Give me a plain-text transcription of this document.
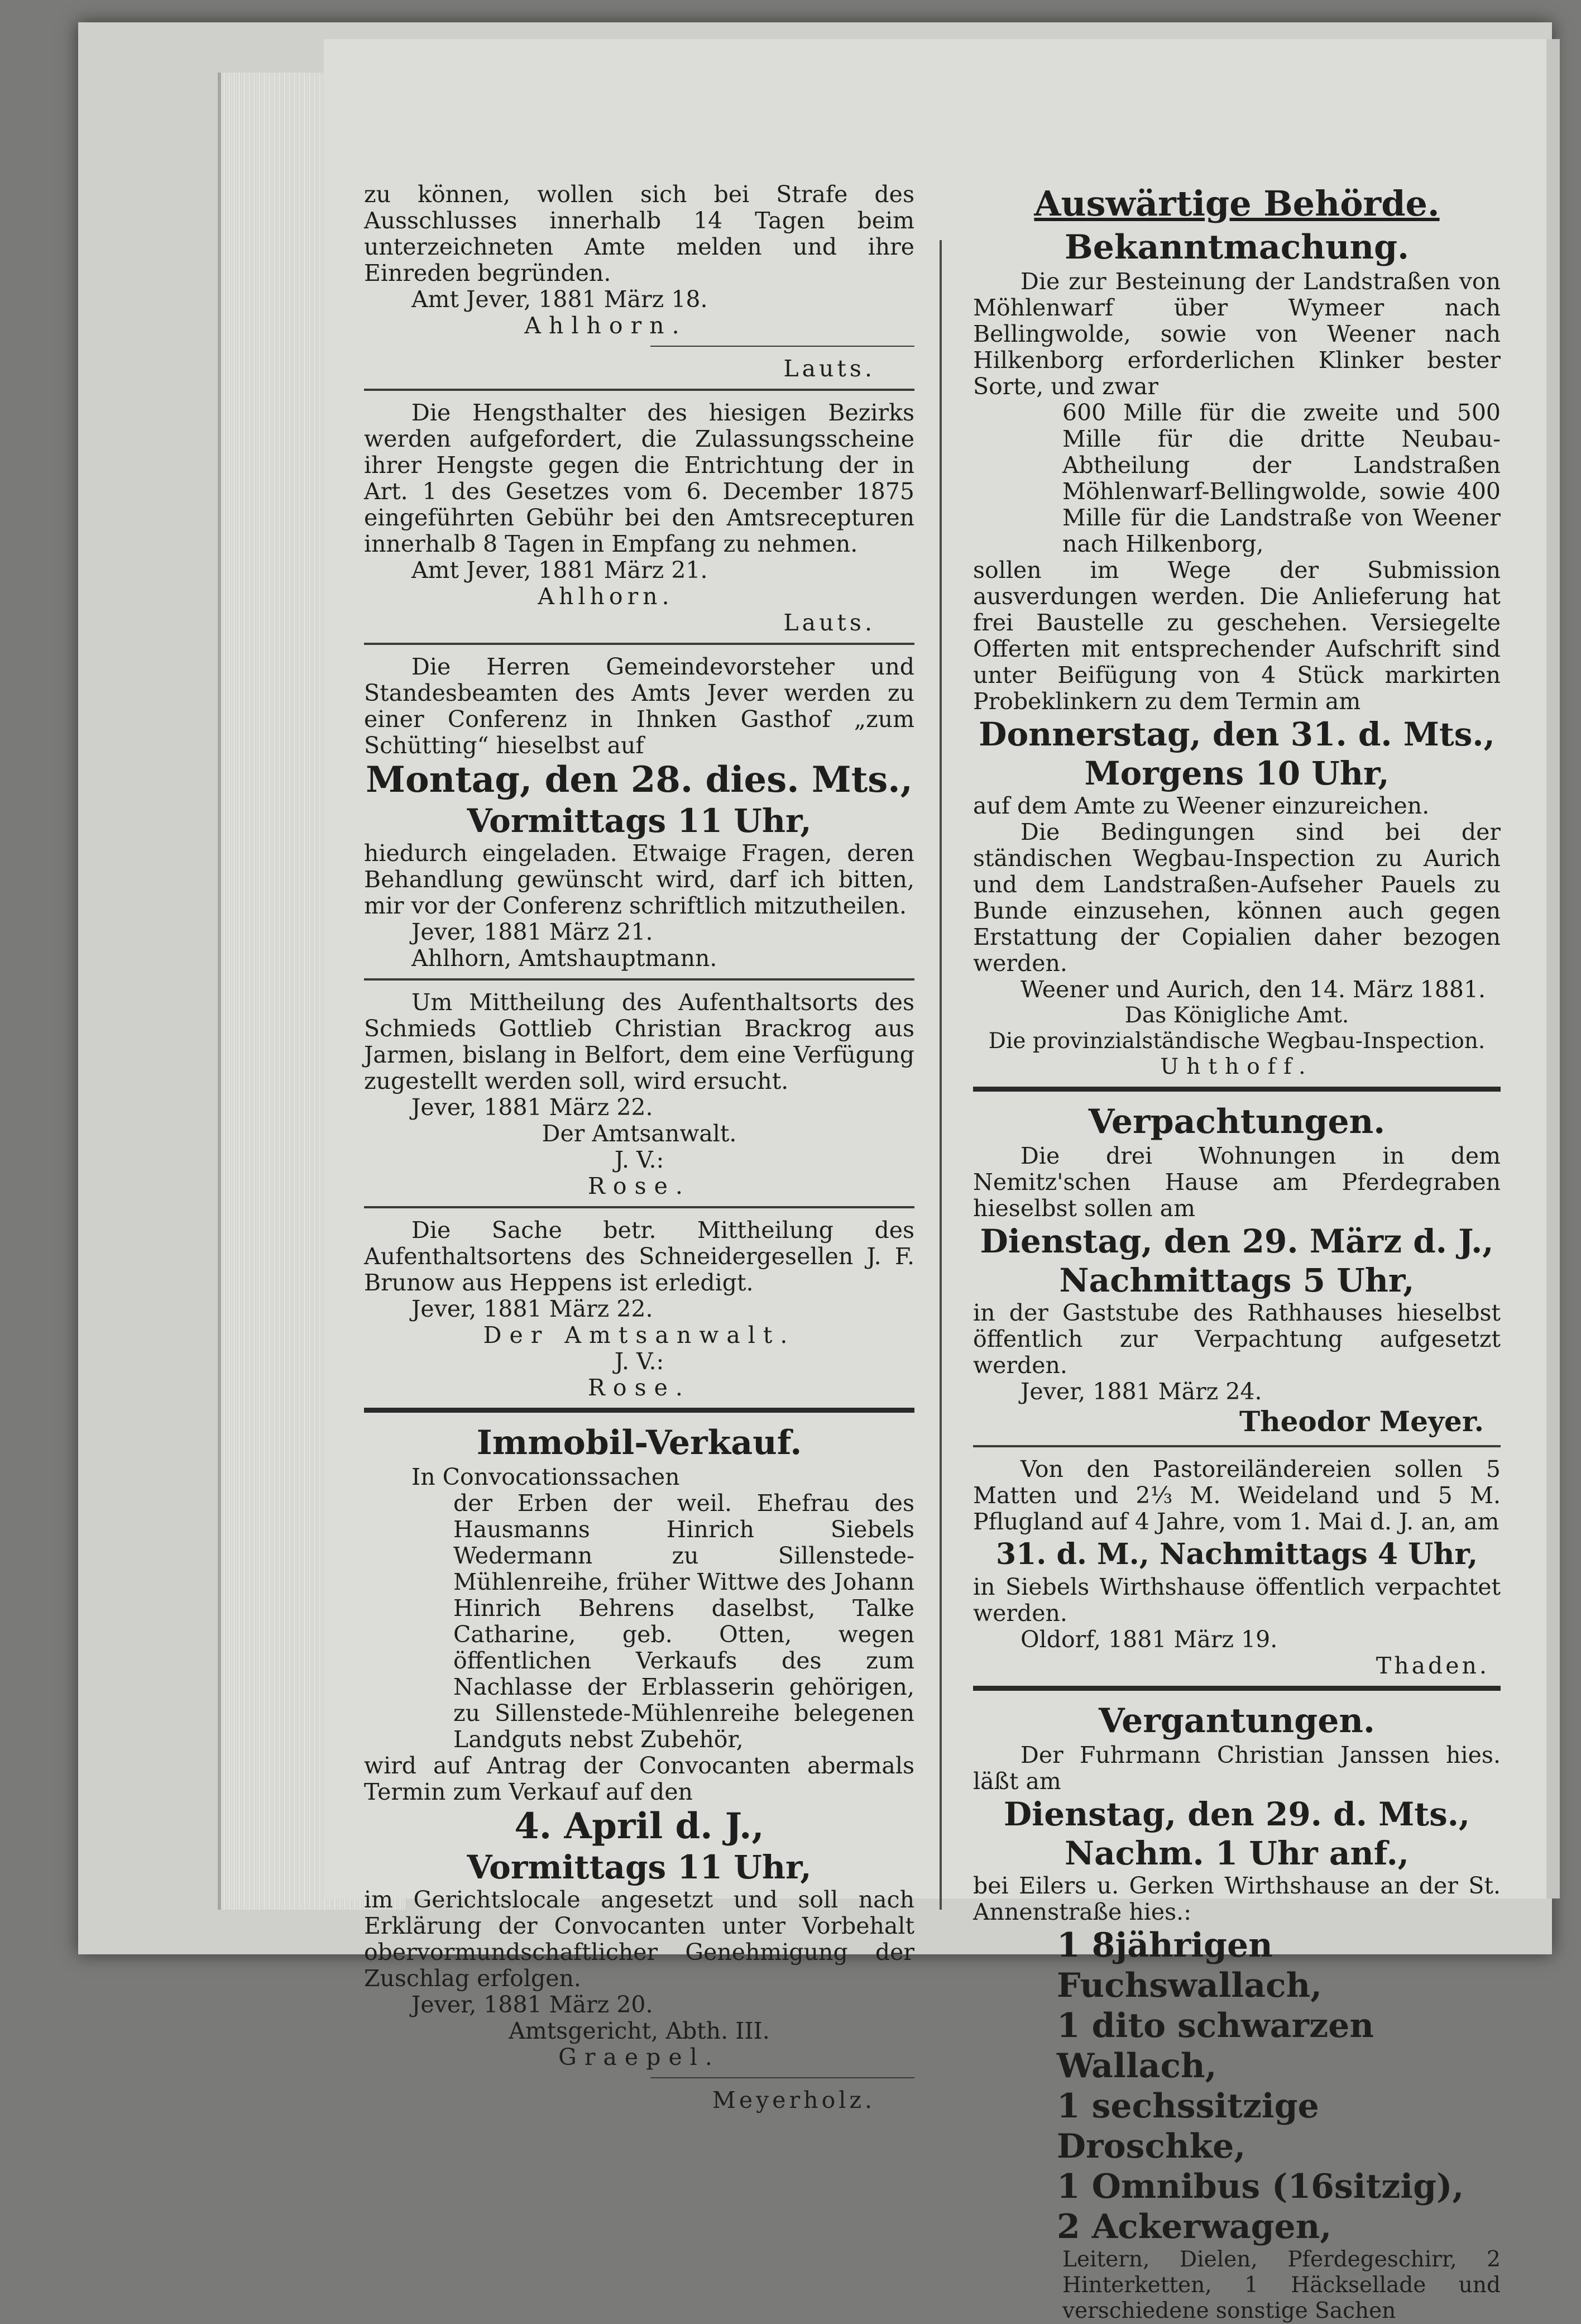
zu können, wollen sich bei Strafe des Ausschlusses innerhalb 14 Tagen beim unterzeichneten Amte melden und ihre Einreden begründen.

Amt Jever, 1881 März 18.

Ahlhorn.

Lauts.

Die Hengsthalter des hiesigen Bezirks werden aufgefordert, die Zulassungsscheine ihrer Hengste gegen die Entrichtung der in Art. 1 des Gesetzes vom 6. December 1875 eingeführten Gebühr bei den Amtsrecepturen innerhalb 8 Tagen in Empfang zu nehmen.

Amt Jever, 1881 März 21.

Ahlhorn.

Lauts.

Die Herren Gemeindevorsteher und Standesbeamten des Amts Jever werden zu einer Conferenz in Ihnken Gasthof „zum Schütting“ hieselbst auf

Montag, den 28. dies. Mts.,

Vormittags 11 Uhr,

hiedurch eingeladen. Etwaige Fragen, deren Behandlung gewünscht wird, darf ich bitten, mir vor der Conferenz schriftlich mitzutheilen.

Jever, 1881 März 21.

Ahlhorn, Amtshauptmann.

Um Mittheilung des Aufenthaltsorts des Schmieds Gottlieb Christian Brackrog aus Jarmen, bislang in Belfort, dem eine Verfügung zugestellt werden soll, wird ersucht.

Jever, 1881 März 22.

Der Amtsanwalt.

J. V.:

Rose.

Die Sache betr. Mittheilung des Aufenthaltsortens des Schneidergesellen J. F. Brunow aus Heppens ist erledigt.

Jever, 1881 März 22.

Der Amtsanwalt.

J. V.:

Rose.

Immobil-Verkauf.

In Convocationssachen

der Erben der weil. Ehefrau des Hausmanns Hinrich Siebels Wedermann zu Sillenstede-Mühlenreihe, früher Wittwe des Johann Hinrich Behrens daselbst, Talke Catharine, geb. Otten, wegen öffentlichen Verkaufs des zum Nachlasse der Erblasserin gehörigen, zu Sillenstede-Mühlenreihe belegenen Landguts nebst Zubehör,

wird auf Antrag der Convocanten abermals Termin zum Verkauf auf den

4. April d. J.,

Vormittags 11 Uhr,

im Gerichtslocale angesetzt und soll nach Erklärung der Convocanten unter Vorbehalt obervormundschaftlicher Genehmigung der Zuschlag erfolgen.

Jever, 1881 März 20.

Amtsgericht, Abth. III.

Graepel.

Meyerholz.

Auswärtige Behörde.

Bekanntmachung.

Die zur Besteinung der Landstraßen von Möhlenwarf über Wymeer nach Bellingwolde, sowie von Weener nach Hilkenborg erforderlichen Klinker bester Sorte, und zwar

600 Mille für die zweite und 500 Mille für die dritte Neubau-Abtheilung der Landstraßen Möhlenwarf-Bellingwolde, sowie 400 Mille für die Landstraße von Weener nach Hilkenborg,

sollen im Wege der Submission ausverdungen werden. Die Anlieferung hat frei Baustelle zu geschehen. Versiegelte Offerten mit entsprechender Aufschrift sind unter Beifügung von 4 Stück markirten Probeklinkern zu dem Termin am

Donnerstag, den 31. d. Mts.,

Morgens 10 Uhr,

auf dem Amte zu Weener einzureichen.

Die Bedingungen sind bei der ständischen Wegbau-Inspection zu Aurich und dem Landstraßen-Aufseher Pauels zu Bunde einzusehen, können auch gegen Erstattung der Copialien daher bezogen werden.

Weener und Aurich, den 14. März 1881.

Das Königliche Amt.

Die provinzialständische Wegbau-Inspection.

Uhthoff.

Verpachtungen.

Die drei Wohnungen in dem Nemitz'schen Hause am Pferdegraben hieselbst sollen am

Dienstag, den 29. März d. J.,

Nachmittags 5 Uhr,

in der Gaststube des Rathhauses hieselbst öffentlich zur Verpachtung aufgesetzt werden.

Jever, 1881 März 24.

Theodor Meyer.

Von den Pastoreiländereien sollen 5 Matten und 2⅓ M. Weideland und 5 M. Pflugland auf 4 Jahre, vom 1. Mai d. J. an, am

31. d. M., Nachmittags 4 Uhr,

in Siebels Wirthshause öffentlich verpachtet werden.

Oldorf, 1881 März 19.

Thaden.

Vergantungen.

Der Fuhrmann Christian Janssen hies. läßt am

Dienstag, den 29. d. Mts.,

Nachm. 1 Uhr anf.,

bei Eilers u. Gerken Wirthshause an der St. Annenstraße hies.:

1 8jährigen Fuchswallach,

1 dito schwarzen Wallach,

1 sechssitzige Droschke,

1 Omnibus (16sitzig),

2 Ackerwagen,

Leitern, Dielen, Pferdegeschirr, 2 Hinterketten, 1 Häcksellade und verschiedene sonstige Sachen
